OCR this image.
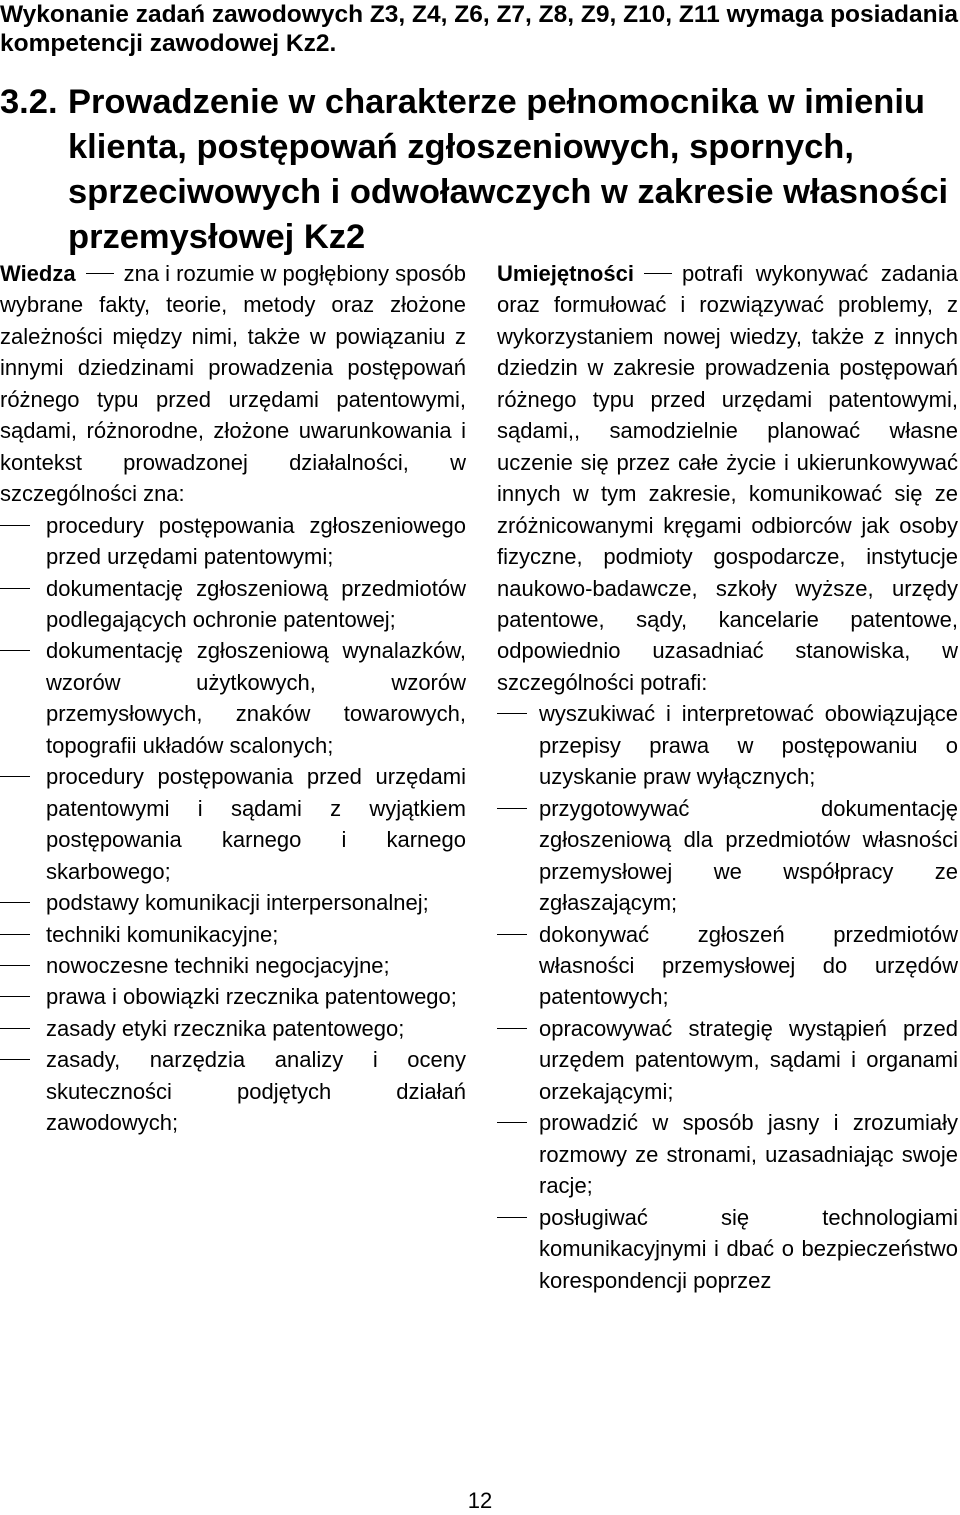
Wykonanie zadań zawodowych Z3, Z4, Z6, Z7, Z8, Z9, Z10, Z11 wymaga posiadania kompetencji zawodowej Kz2.
3.2. Prowadzenie w charakterze pełnomocnika w imieniu klienta, postępowań zgłoszeniowych, spornych, sprzeciwowych i odwoławczych w zakresie własności przemysłowej Kz2

Wiedza zna i rozumie w pogłębiony sposób wybrane fakty, teorie, metody oraz złożone zależności między nimi, także w powiązaniu z innymi dziedzinami prowadzenia postępowań różnego typu przed urzędami patentowymi, sądami, różnorodne, złożone uwarunkowania i kontekst prowadzonej działalności, w szczególności zna:

procedury postępowania zgłoszeniowego przed urzędami patentowymi;
dokumentację zgłoszeniową przedmiotów podlegających ochronie patentowej;
dokumentację zgłoszeniową wynalazków, wzorów użytkowych, wzorów przemysłowych, znaków towarowych, topografii układów scalonych;
procedury postępowania przed urzędami patentowymi i sądami z wyjątkiem postępowania karnego i karnego skarbowego;
podstawy komunikacji interpersonalnej;
techniki komunikacyjne;
nowoczesne techniki negocjacyjne;
prawa i obowiązki rzecznika patentowego;
zasady etyki rzecznika patentowego;
zasady, narzędzia analizy i oceny skuteczności podjętych działań zawodowych;

Umiejętności potrafi wykonywać zadania oraz formułować i rozwiązywać problemy, z wykorzystaniem nowej wiedzy, także z innych dziedzin w zakresie prowadzenia postępowań różnego typu przed urzędami patentowymi, sądami,, samodzielnie planować własne uczenie się przez całe życie i ukierunkowywać innych w tym zakresie, komunikować się ze zróżnicowanymi kręgami odbiorców jak osoby fizyczne, podmioty gospodarcze, instytucje naukowo-badawcze, szkoły wyższe, urzędy patentowe, sądy, kancelarie patentowe, odpowiednio uzasadniać stanowiska, w szczególności potrafi:

wyszukiwać i interpretować obowiązujące przepisy prawa w postępowaniu o uzyskanie praw wyłącznych;
przygotowywać dokumentację zgłoszeniową dla przedmiotów własności przemysłowej we współpracy ze zgłaszającym;
dokonywać zgłoszeń przedmiotów własności przemysłowej do urzędów patentowych;
opracowywać strategię wystąpień przed urzędem patentowym, sądami i organami orzekającymi;
prowadzić w sposób jasny i zrozumiały rozmowy ze stronami, uzasadniając swoje racje;
posługiwać się technologiami komunikacyjnymi i dbać o bezpieczeństwo korespondencji poprzez
12
